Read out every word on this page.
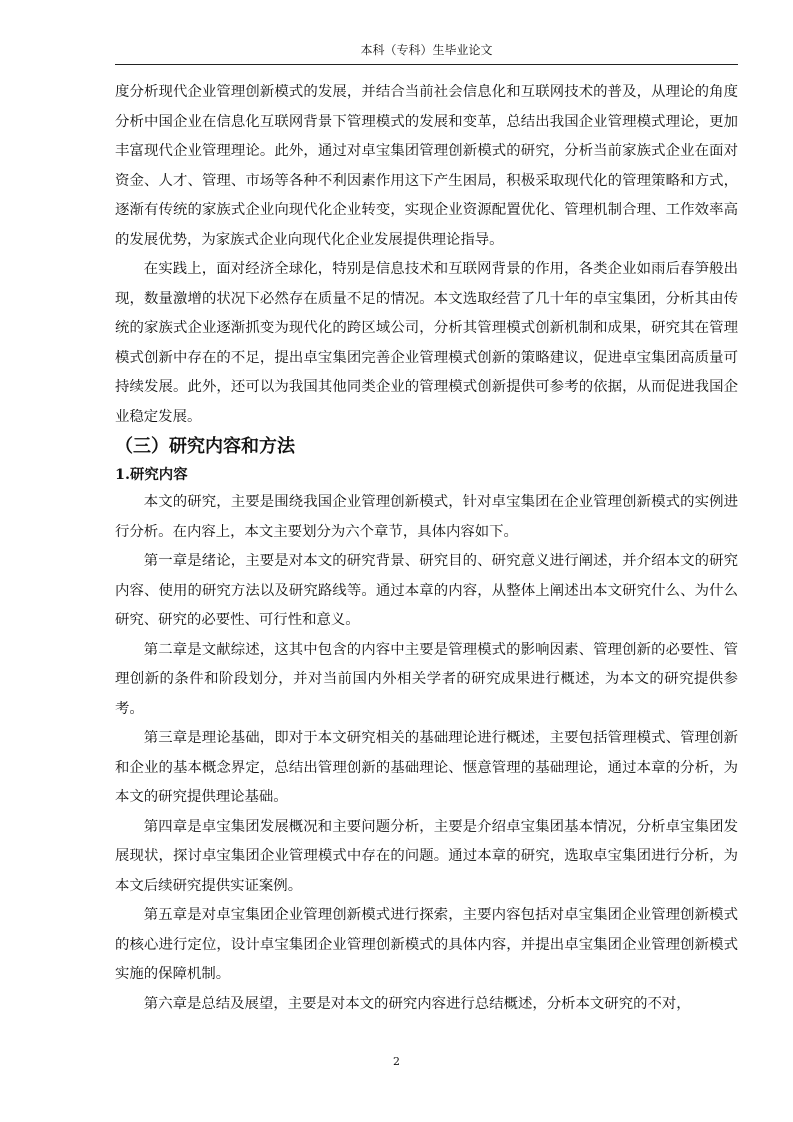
本科（专科）生毕业论文

度分析现代企业管理创新模式的发展，并结合当前社会信息化和互联网技术的普及，从理论的角度分析中国企业在信息化互联网背景下管理模式的发展和变革，总结出我国企业管理模式理论，更加丰富现代企业管理理论。此外，通过对卓宝集团管理创新模式的研究，分析当前家族式企业在面对资金、人才、管理、市场等各种不利因素作用这下产生困局，积极采取现代化的管理策略和方式，逐渐有传统的家族式企业向现代化企业转变，实现企业资源配置优化、管理机制合理、工作效率高的发展优势，为家族式企业向现代化企业发展提供理论指导。

在实践上，面对经济全球化，特别是信息技术和互联网背景的作用，各类企业如雨后春笋般出现，数量激增的状况下必然存在质量不足的情况。本文选取经营了几十年的卓宝集团，分析其由传统的家族式企业逐渐抓变为现代化的跨区域公司，分析其管理模式创新机制和成果，研究其在管理模式创新中存在的不足，提出卓宝集团完善企业管理模式创新的策略建议，促进卓宝集团高质量可持续发展。此外，还可以为我国其他同类企业的管理模式创新提供可参考的依据，从而促进我国企业稳定发展。

（三）研究内容和方法
1.研究内容

本文的研究，主要是围绕我国企业管理创新模式，针对卓宝集团在企业管理创新模式的实例进行分析。在内容上，本文主要划分为六个章节，具体内容如下。

第一章是绪论，主要是对本文的研究背景、研究目的、研究意义进行阐述，并介绍本文的研究内容、使用的研究方法以及研究路线等。通过本章的内容，从整体上阐述出本文研究什么、为什么研究、研究的必要性、可行性和意义。

第二章是文献综述，这其中包含的内容中主要是管理模式的影响因素、管理创新的必要性、管理创新的条件和阶段划分，并对当前国内外相关学者的研究成果进行概述，为本文的研究提供参考。

第三章是理论基础，即对于本文研究相关的基础理论进行概述，主要包括管理模式、管理创新和企业的基本概念界定，总结出管理创新的基础理论、惬意管理的基础理论，通过本章的分析，为本文的研究提供理论基础。

第四章是卓宝集团发展概况和主要问题分析，主要是介绍卓宝集团基本情况，分析卓宝集团发展现状，探讨卓宝集团企业管理模式中存在的问题。通过本章的研究，选取卓宝集团进行分析，为本文后续研究提供实证案例。

第五章是对卓宝集团企业管理创新模式进行探索，主要内容包括对卓宝集团企业管理创新模式的核心进行定位，设计卓宝集团企业管理创新模式的具体内容，并提出卓宝集团企业管理创新模式实施的保障机制。

第六章是总结及展望，主要是对本文的研究内容进行总结概述，分析本文研究的不对，

2
